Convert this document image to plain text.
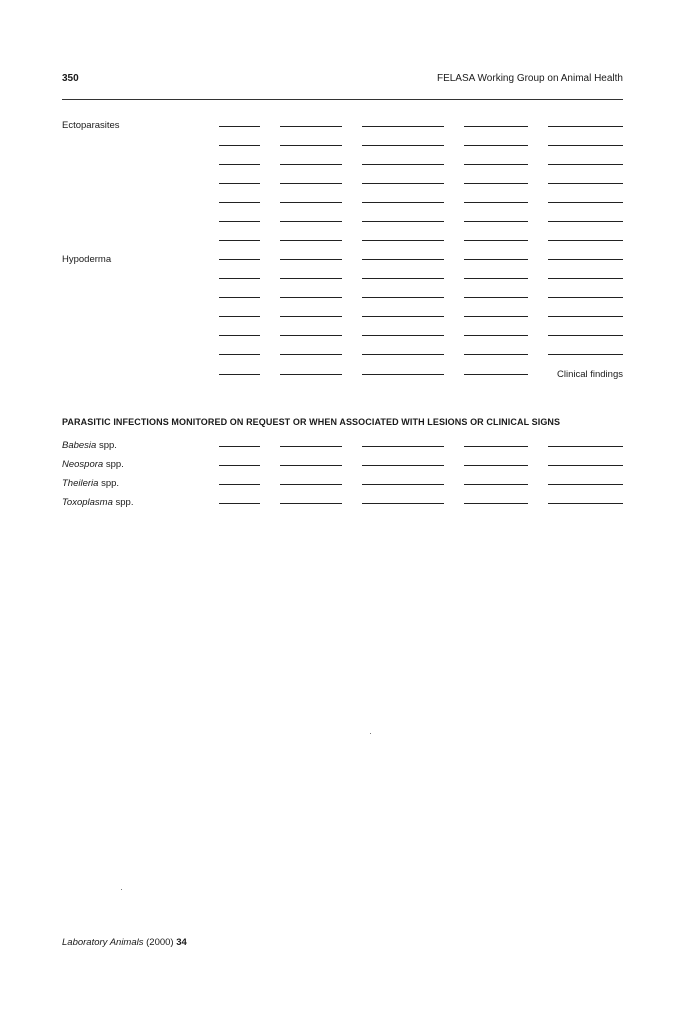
350	FELASA Working Group on Animal Health
Ectoparasites
Hypoderma
Clinical findings
PARASITIC INFECTIONS MONITORED ON REQUEST OR WHEN ASSOCIATED WITH LESIONS OR CLINICAL SIGNS
Babesia spp.
Neospora spp.
Theileria spp.
Toxoplasma spp.
Laboratory Animals (2000) 34
